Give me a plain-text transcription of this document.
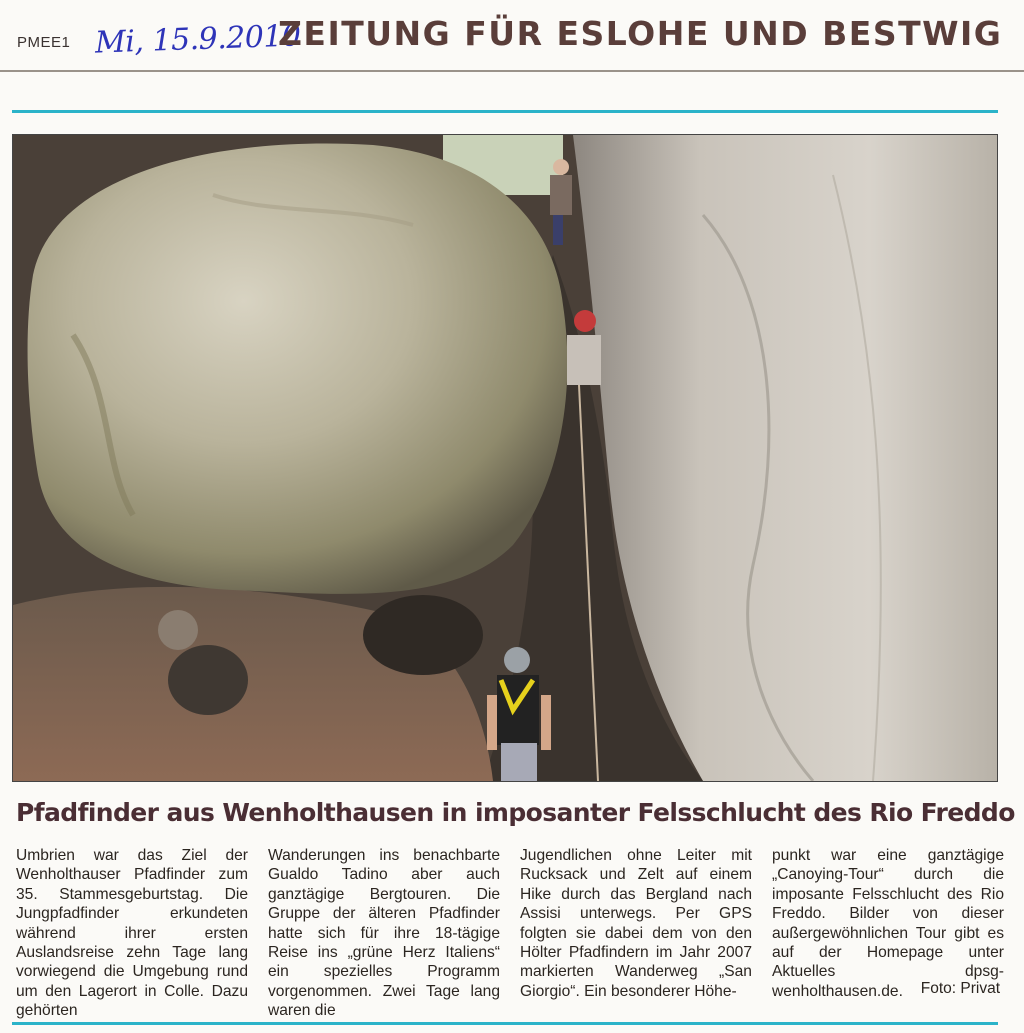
PMEE1 Mi, 15.9.2010
ZEITUNG FÜR ESLOHE UND BESTWIG
Pfadfinder aus Wenholthausen in imposanter Felsschlucht des Rio Freddo
Umbrien war das Ziel der Wenholthauser Pfadfinder zum 35. Stammesgeburtstag. Die Jungpfadfinder erkundeten während ihrer ersten Auslandsreise zehn Tage lang vorwiegend die Umgebung rund um den Lagerort in Colle. Dazu gehörten
Wanderungen ins benachbarte Gualdo Tadino aber auch ganztägige Bergtouren. Die Gruppe der älteren Pfadfinder hatte sich für ihre 18-tägige Reise ins „grüne Herz Italiens“ ein spezielles Programm vorgenommen. Zwei Tage lang waren die
Jugendlichen ohne Leiter mit Rucksack und Zelt auf einem Hike durch das Bergland nach Assisi unterwegs. Per GPS folgten sie dabei dem von den Hölter Pfadfindern im Jahr 2007 markierten Wanderweg „San Giorgio“. Ein besonderer Höhe-
punkt war eine ganztägige „Canoying-Tour“ durch die imposante Felsschlucht des Rio Freddo. Bilder von dieser außergewöhnlichen Tour gibt es auf der Homepage unter Aktuelles dpsg-wenholthausen.de.	Foto: Privat
